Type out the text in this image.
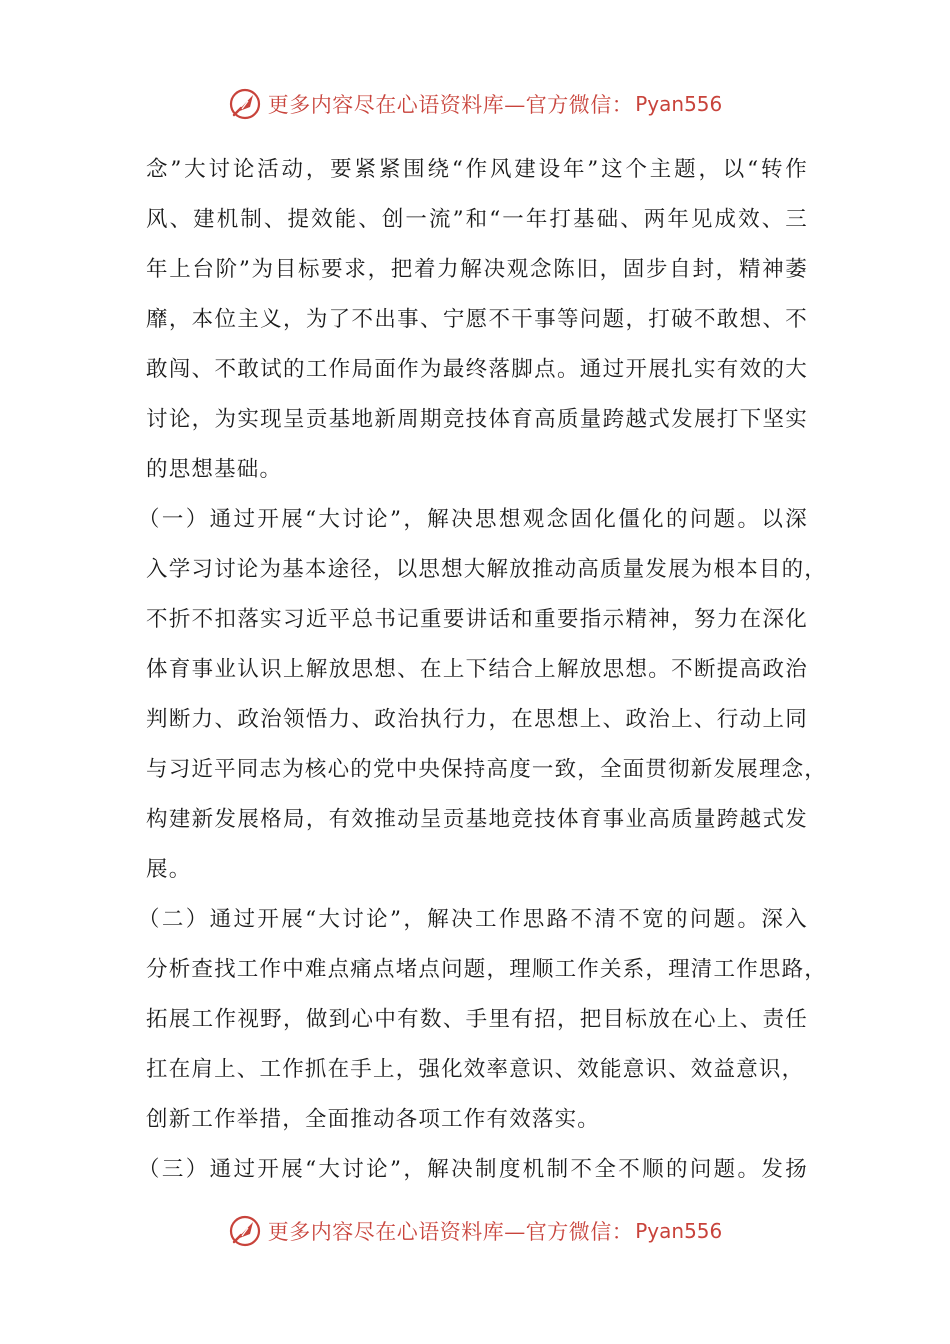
更多内容尽在心语资料库—官方微信： Pyan556
念”大讨论活动，要紧紧围绕“作风建设年”这个主题，以“转作
风、建机制、提效能、创一流”和“一年打基础、两年见成效、三
年上台阶”为目标要求，把着力解决观念陈旧，固步自封，精神萎
靡，本位主义，为了不出事、宁愿不干事等问题，打破不敢想、不
敢闯、不敢试的工作局面作为最终落脚点。通过开展扎实有效的大
讨论，为实现呈贡基地新周期竞技体育高质量跨越式发展打下坚实
的思想基础。
（一）通过开展“大讨论”，解决思想观念固化僵化的问题。以深
入学习讨论为基本途径，以思想大解放推动高质量发展为根本目的，
不折不扣落实习近平总书记重要讲话和重要指示精神，努力在深化
体育事业认识上解放思想、在上下结合上解放思想。不断提高政治
判断力、政治领悟力、政治执行力，在思想上、政治上、行动上同
与习近平同志为核心的党中央保持高度一致，全面贯彻新发展理念，
构建新发展格局，有效推动呈贡基地竞技体育事业高质量跨越式发
展。
（二）通过开展“大讨论”，解决工作思路不清不宽的问题。深入
分析查找工作中难点痛点堵点问题，理顺工作关系，理清工作思路，
拓展工作视野，做到心中有数、手里有招，把目标放在心上、责任
扛在肩上、工作抓在手上，强化效率意识、效能意识、效益意识，
创新工作举措，全面推动各项工作有效落实。
（三）通过开展“大讨论”，解决制度机制不全不顺的问题。发扬
更多内容尽在心语资料库—官方微信： Pyan556
